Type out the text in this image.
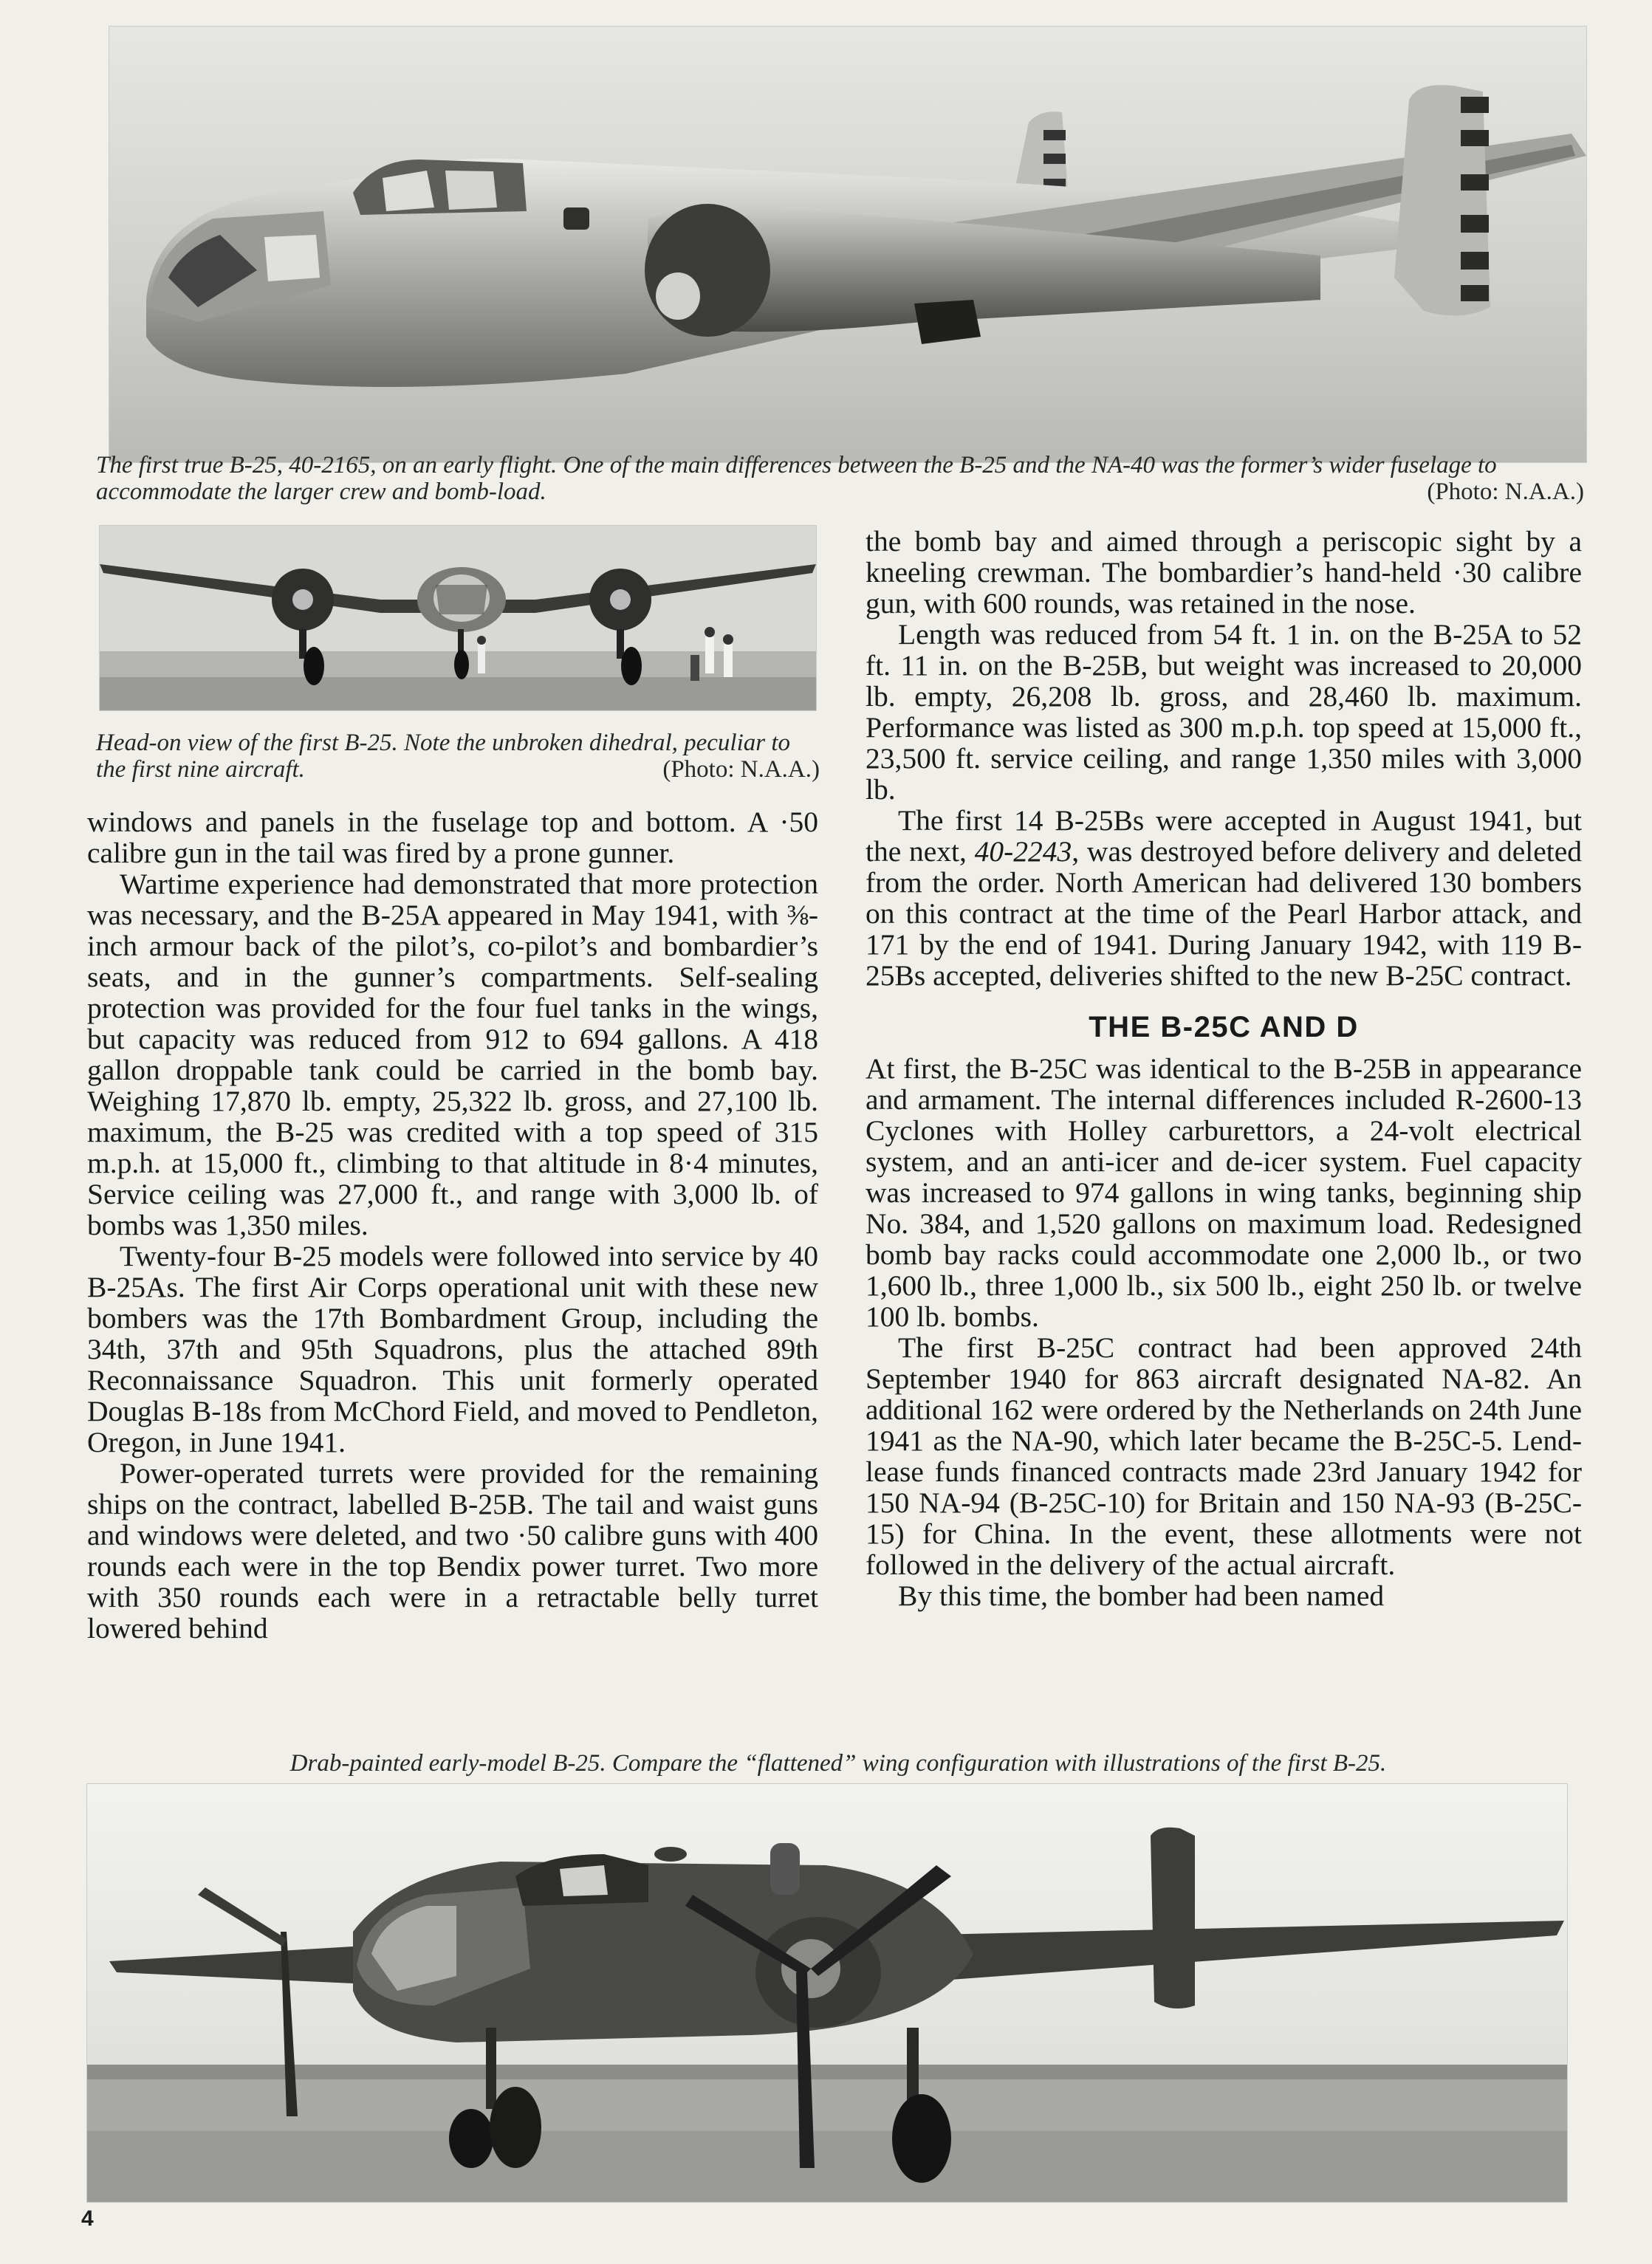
The first true B-25, 40-2165, on an early flight. One of the main differences between the B-25 and the NA-40 was the former’s wider fuselage to accommodate the larger crew and bomb-load.	(Photo: N.A.A.)
Head-on view of the first B-25. Note the unbroken dihedral, peculiar to the first nine aircraft.	(Photo: N.A.A.)

windows and panels in the fuselage top and bottom. A ·50 calibre gun in the tail was fired by a prone gunner.

Wartime experience had demonstrated that more protection was necessary, and the B-25A appeared in May 1941, with ⅜-inch armour back of the pilot’s, co-pilot’s and bombardier’s seats, and in the gunner’s compartments. Self-sealing protection was provided for the four fuel tanks in the wings, but capacity was reduced from 912 to 694 gallons. A 418 gallon droppable tank could be carried in the bomb bay. Weighing 17,870 lb. empty, 25,322 lb. gross, and 27,100 lb. maximum, the B-25 was credited with a top speed of 315 m.p.h. at 15,000 ft., climbing to that altitude in 8·4 minutes, Service ceiling was 27,000 ft., and range with 3,000 lb. of bombs was 1,350 miles.

Twenty-four B-25 models were followed into service by 40 B-25As. The first Air Corps operational unit with these new bombers was the 17th Bombardment Group, including the 34th, 37th and 95th Squadrons, plus the attached 89th Reconnaissance Squadron. This unit formerly operated Douglas B-18s from McChord Field, and moved to Pendleton, Oregon, in June 1941.

Power-operated turrets were provided for the remaining ships on the contract, labelled B-25B. The tail and waist guns and windows were deleted, and two ·50 calibre guns with 400 rounds each were in the top Bendix power turret. Two more with 350 rounds each were in a retractable belly turret lowered behind

the bomb bay and aimed through a periscopic sight by a kneeling crewman. The bombardier’s hand-held ·30 calibre gun, with 600 rounds, was retained in the nose.

Length was reduced from 54 ft. 1 in. on the B-25A to 52 ft. 11 in. on the B-25B, but weight was increased to 20,000 lb. empty, 26,208 lb. gross, and 28,460 lb. maximum. Performance was listed as 300 m.p.h. top speed at 15,000 ft., 23,500 ft. service ceiling, and range 1,350 miles with 3,000 lb.

The first 14 B-25Bs were accepted in August 1941, but the next, 40-2243, was destroyed before delivery and deleted from the order. North American had delivered 130 bombers on this contract at the time of the Pearl Harbor attack, and 171 by the end of 1941. During January 1942, with 119 B-25Bs accepted, deliveries shifted to the new B-25C contract.

THE B-25C AND D

At first, the B-25C was identical to the B-25B in appearance and armament. The internal differences included R-2600-13 Cyclones with Holley carburettors, a 24-volt electrical system, and an anti-icer and de-icer system. Fuel capacity was increased to 974 gallons in wing tanks, beginning ship No. 384, and 1,520 gallons on maximum load. Redesigned bomb bay racks could accommodate one 2,000 lb., or two 1,600 lb., three 1,000 lb., six 500 lb., eight 250 lb. or twelve 100 lb. bombs.

The first B-25C contract had been approved 24th September 1940 for 863 aircraft designated NA-82. An additional 162 were ordered by the Netherlands on 24th June 1941 as the NA-90, which later became the B-25C-5. Lend-lease funds financed contracts made 23rd January 1942 for 150 NA-94 (B-25C-10) for Britain and 150 NA-93 (B-25C-15) for China. In the event, these allotments were not followed in the delivery of the actual aircraft.

By this time, the bomber had been named

Drab-painted early-model B-25. Compare the “flattened” wing configuration with illustrations of the first B-25.
4
